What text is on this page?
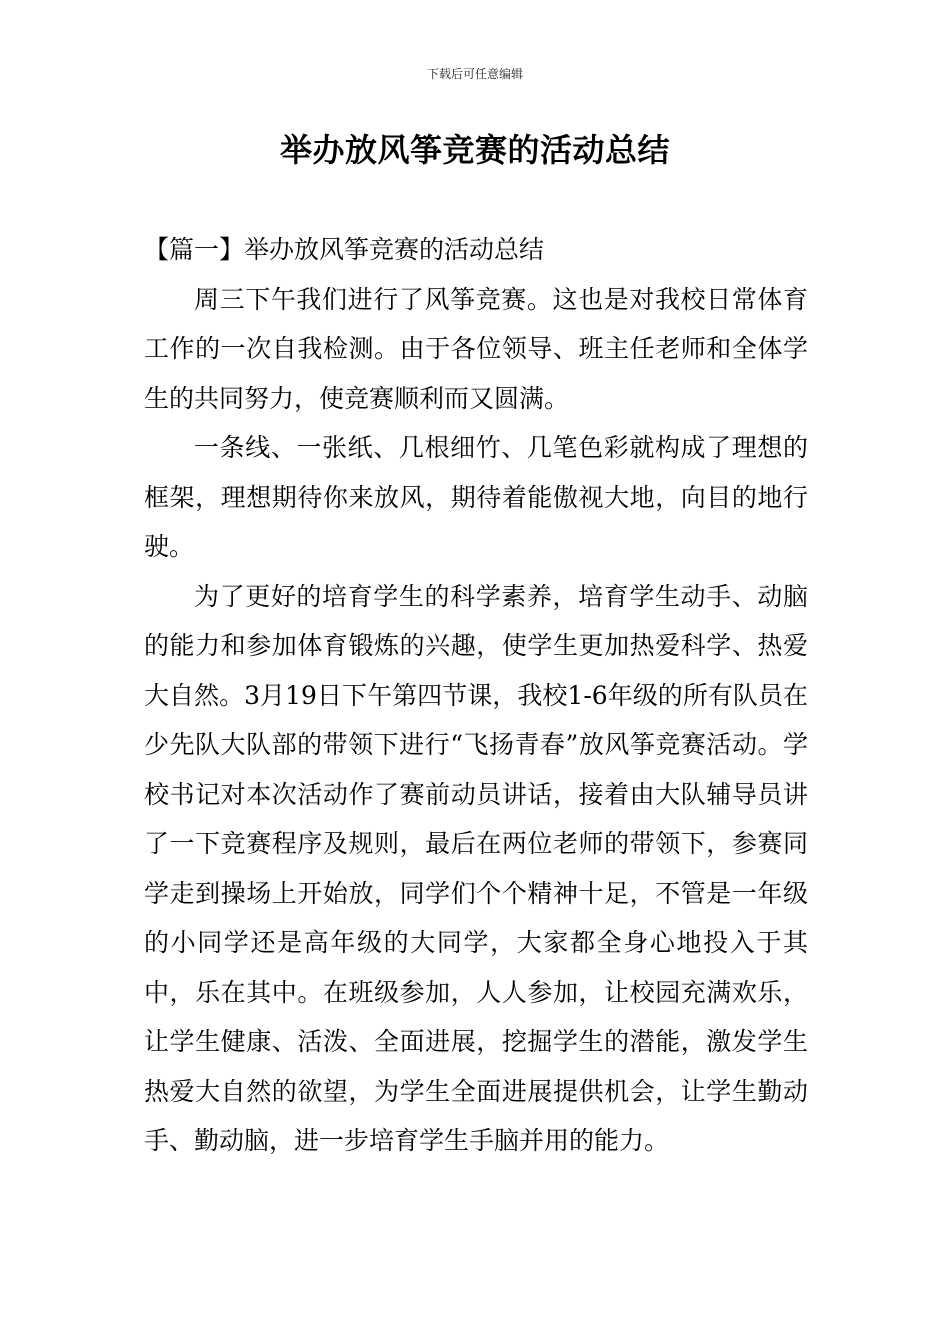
下载后可任意编辑
举办放风筝竞赛的活动总结
【篇一】举办放风筝竞赛的活动总结

周三下午我们进行了风筝竞赛。这也是对我校日常体育工作的一次自我检测。由于各位领导、班主任老师和全体学生的共同努力，使竞赛顺利而又圆满。

一条线、一张纸、几根细竹、几笔色彩就构成了理想的框架，理想期待你来放风，期待着能傲视大地，向目的地行驶。

为了更好的培育学生的科学素养，培育学生动手、动脑的能力和参加体育锻炼的兴趣，使学生更加热爱科学、热爱大自然。3月19日下午第四节课，我校1-6年级的所有队员在少先队大队部的带领下进行“飞扬青春”放风筝竞赛活动。学校书记对本次活动作了赛前动员讲话，接着由大队辅导员讲了一下竞赛程序及规则，最后在两位老师的带领下，参赛同学走到操场上开始放，同学们个个精神十足，不管是一年级的小同学还是高年级的大同学，大家都全身心地投入于其中，乐在其中。在班级参加，人人参加，让校园充满欢乐，让学生健康、活泼、全面进展，挖掘学生的潜能，激发学生热爱大自然的欲望，为学生全面进展提供机会，让学生勤动手、勤动脑，进一步培育学生手脑并用的能力。
